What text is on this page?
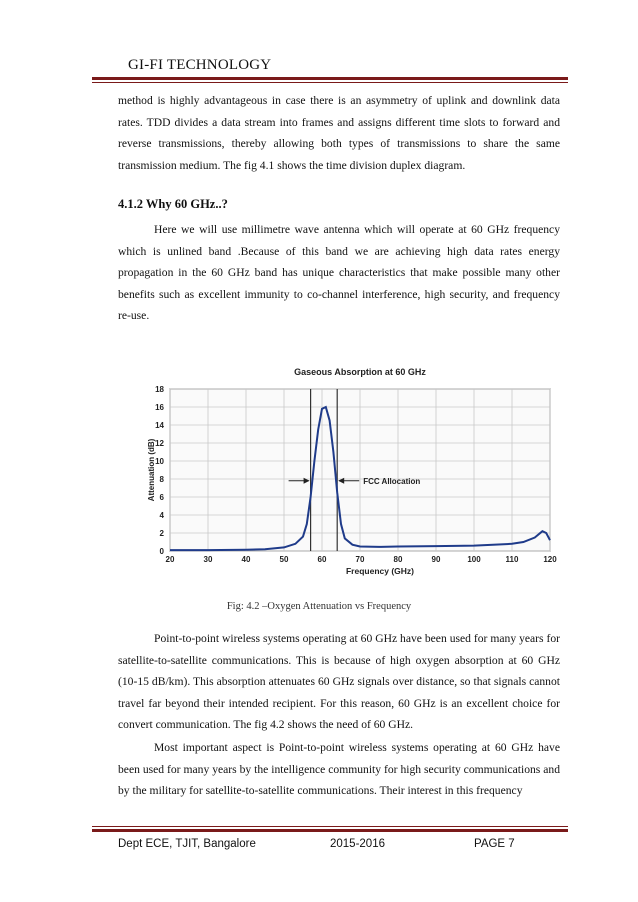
GI-FI TECHNOLOGY

method is highly advantageous in case there is an asymmetry of uplink and downlink data rates. TDD divides a data stream into frames and assigns different time slots to forward and reverse transmissions, thereby allowing both types of transmissions to share the same transmission medium. The fig 4.1 shows the time division duplex diagram.

4.1.2 Why 60 GHz..?

Here we will use millimetre wave antenna which will operate at 60 GHz frequency which is unlined band .Because of this band we are achieving high data rates energy propagation in the 60 GHz band has unique characteristics that make possible many other benefits such as excellent immunity to co-channel interference, high security, and frequency re-use.

0
2
4
6
8
10
12
14
16
18
20	30	40	50	60	70	80	90	100	110	120
Gaseous Absorption at 60 GHz
Frequency (GHz)
Attenuation (dB)	FCC Allocation
Fig: 4.2 –Oxygen Attenuation vs Frequency

Point-to-point wireless systems operating at 60 GHz have been used for many years for satellite-to-satellite communications. This is because of high oxygen absorption at 60 GHz (10-15 dB/km). This absorption attenuates 60 GHz signals over distance, so that signals cannot travel far beyond their intended recipient. For this reason, 60 GHz is an excellent choice for convert communication. The fig 4.2 shows the need of 60 GHz.

Most important aspect is Point-to-point wireless systems operating at 60 GHz have been used for many years by the intelligence community for high security communications and by the military for satellite-to-satellite communications. Their interest in this frequency

Dept ECE, TJIT, Bangalore	2015-2016	PAGE 7
